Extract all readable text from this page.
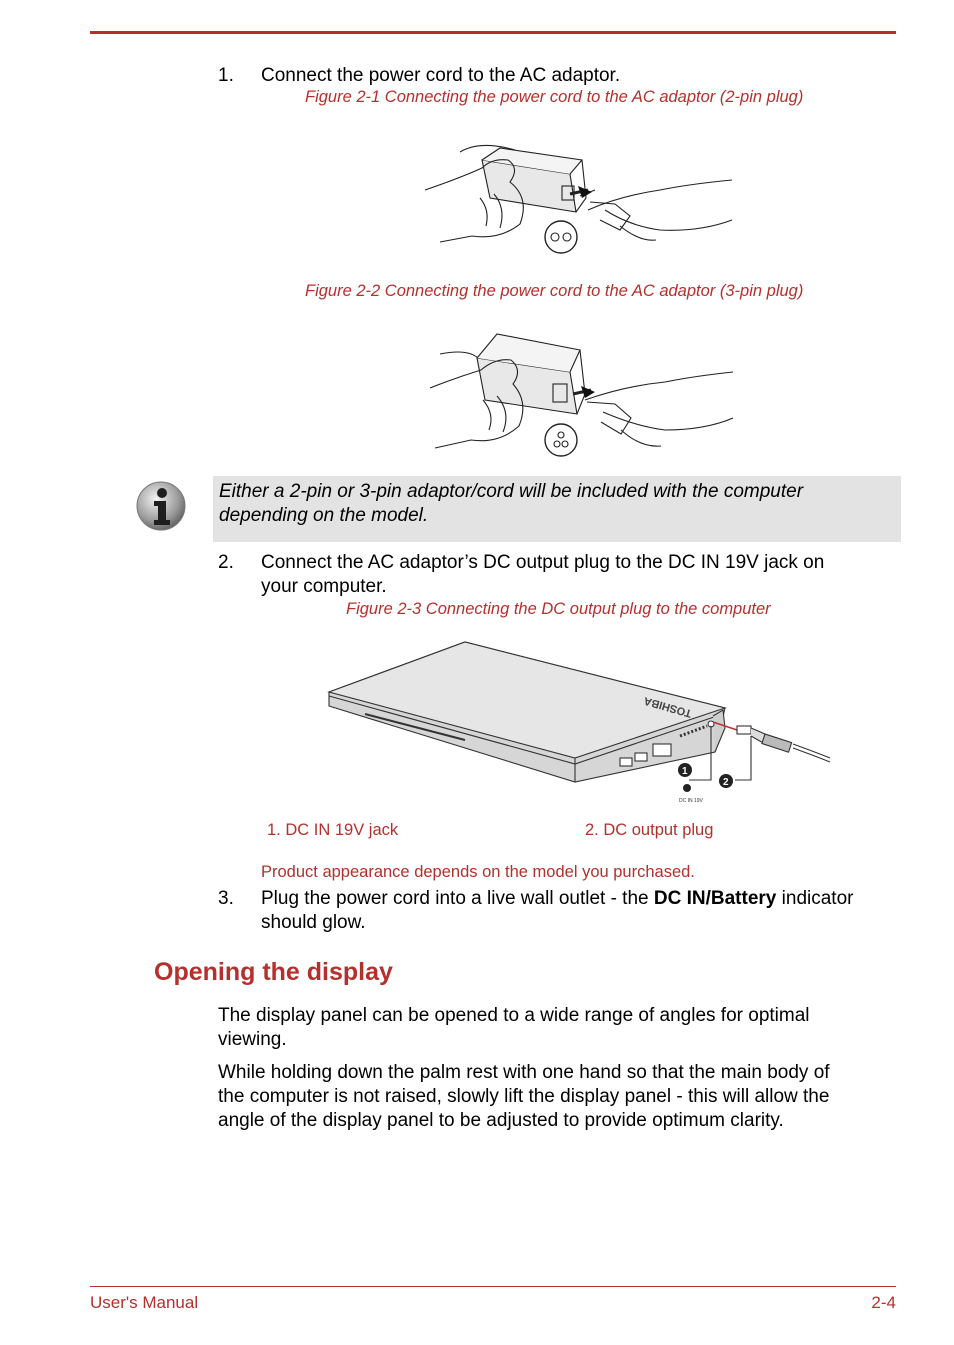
1. Connect the power cord to the AC adaptor.
Figure 2-1 Connecting the power cord to the AC adaptor (2-pin plug)
Figure 2-2 Connecting the power cord to the AC adaptor (3-pin plug)
Either a 2-pin or 3-pin adaptor/cord will be included with the computer
depending on the model.
2. Connect the AC adaptor’s DC output plug to the DC IN 19V jack on
your computer.
Figure 2-3 Connecting the DC output plug to the computer
TOSHIBA
1
2
DC IN 19V
1. DC IN 19V jack	2. DC output plug
Product appearance depends on the model you purchased.
3. Plug the power cord into a live wall outlet - the DC IN/Battery indicator
should glow.
Opening the display
The display panel can be opened to a wide range of angles for optimal
viewing.
While holding down the palm rest with one hand so that the main body of
the computer is not raised, slowly lift the display panel - this will allow the
angle of the display panel to be adjusted to provide optimum clarity.
User's Manual	2-4
